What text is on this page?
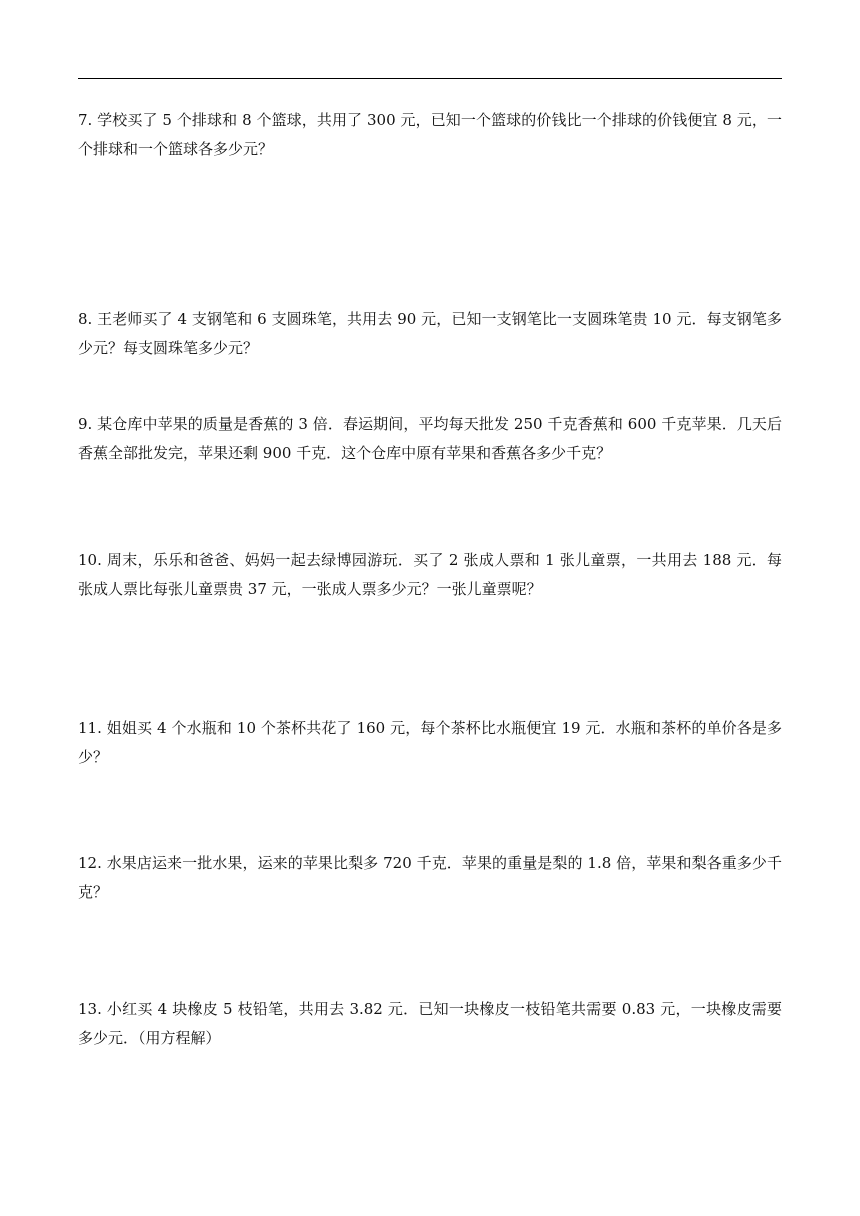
7. 学校买了 5 个排球和 8 个篮球，共用了 300 元，已知一个篮球的价钱比一个排球的价钱便宜 8 元，一个排球和一个篮球各多少元？

8. 王老师买了 4 支钢笔和 6 支圆珠笔，共用去 90 元，已知一支钢笔比一支圆珠笔贵 10 元．每支钢笔多少元？每支圆珠笔多少元？

9. 某仓库中苹果的质量是香蕉的 3 倍．春运期间，平均每天批发 250 千克香蕉和 600 千克苹果．几天后香蕉全部批发完，苹果还剩 900 千克．这个仓库中原有苹果和香蕉各多少千克？

10. 周末，乐乐和爸爸、妈妈一起去绿博园游玩．买了 2 张成人票和 1 张儿童票，一共用去 188 元．每张成人票比每张儿童票贵 37 元，一张成人票多少元？一张儿童票呢？

11. 姐姐买 4 个水瓶和 10 个茶杯共花了 160 元，每个茶杯比水瓶便宜 19 元．水瓶和茶杯的单价各是多少？

12. 水果店运来一批水果，运来的苹果比梨多 720 千克．苹果的重量是梨的 1.8 倍，苹果和梨各重多少千克？

13. 小红买 4 块橡皮 5 枝铅笔，共用去 3.82 元．已知一块橡皮一枝铅笔共需要 0.83 元，一块橡皮需要多少元．（用方程解）
